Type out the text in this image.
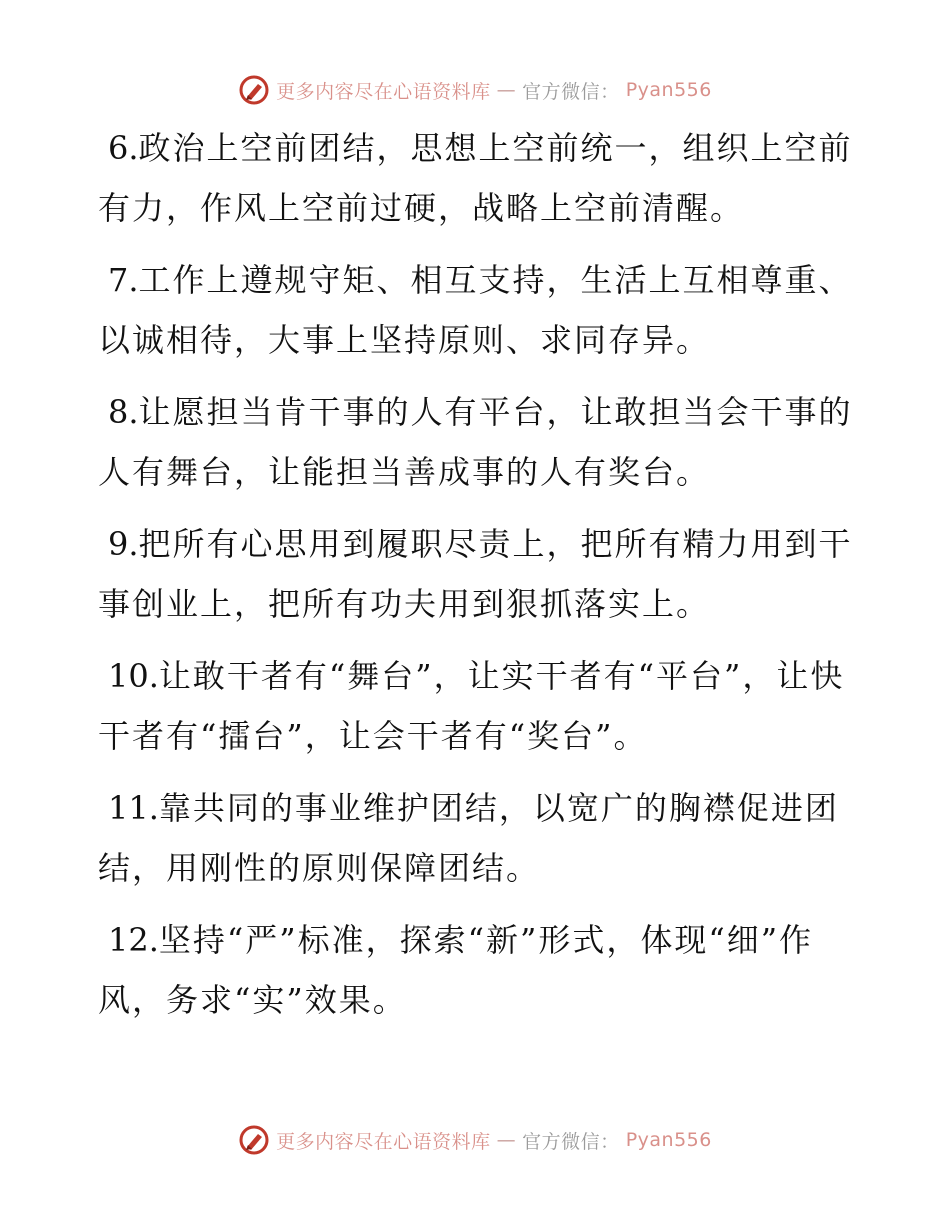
更多内容尽在心语资料库 — 官方微信： Pyan556

6.政治上空前团结，思想上空前统一，组织上空前有力，作风上空前过硬，战略上空前清醒。

7.工作上遵规守矩、相互支持，生活上互相尊重、以诚相待，大事上坚持原则、求同存异。

8.让愿担当肯干事的人有平台，让敢担当会干事的人有舞台，让能担当善成事的人有奖台。

9.把所有心思用到履职尽责上，把所有精力用到干事创业上，把所有功夫用到狠抓落实上。

10.让敢干者有“舞台”，让实干者有“平台”，让快干者有“擂台”，让会干者有“奖台”。

11.靠共同的事业维护团结，以宽广的胸襟促进团结，用刚性的原则保障团结。

12.坚持“严”标准，探索“新”形式，体现“细”作风，务求“实”效果。

更多内容尽在心语资料库 — 官方微信： Pyan556
